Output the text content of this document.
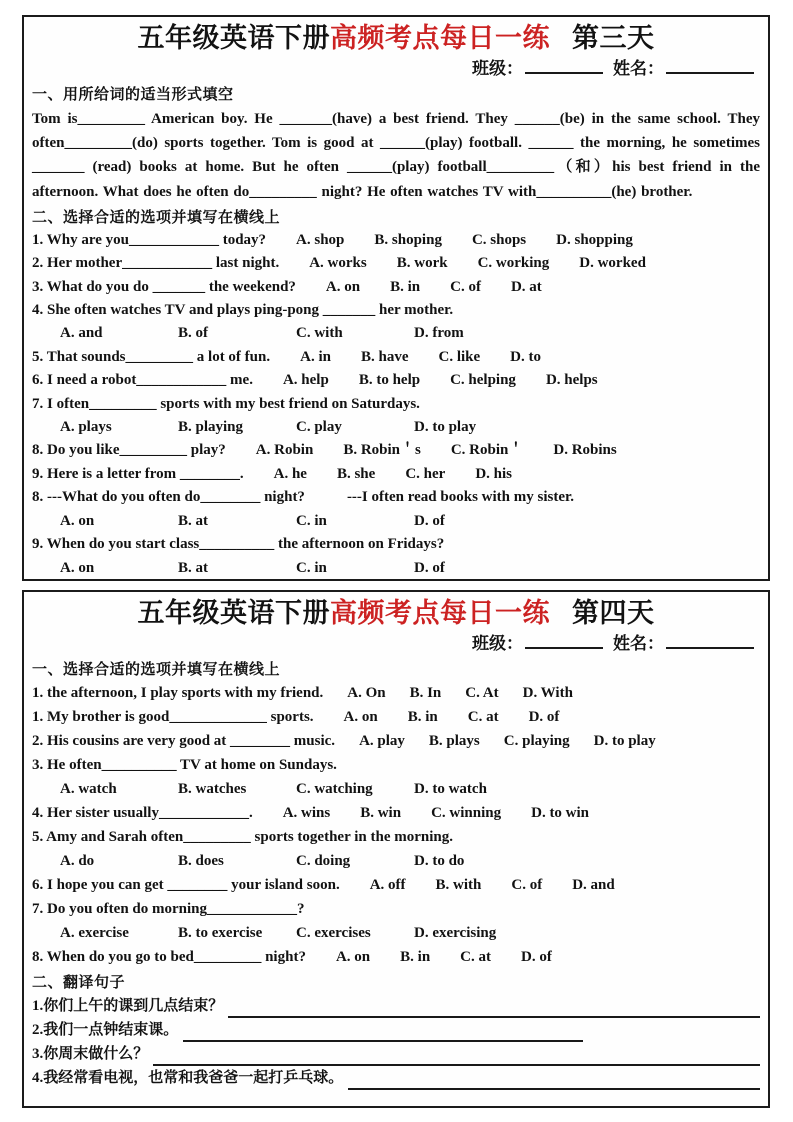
五年级英语下册高频考点每日一练 第三天
班级：	姓名：
一、用所给词的适当形式填空

Tom is_________ American boy. He _______(have) a best friend. They ______(be) in the same school. They often_________(do) sports together. Tom is good at ______(play) football. ______ the morning, he sometimes _______ (read) books at home. But he often ______(play) football_________（和）his best friend in the afternoon. What does he often do_________ night? He often watches TV with__________(he) brother.

二、选择合适的选项并填写在横线上
1. Why are you____________ today? A. shop B. shoping C. shops D. shopping
2. Her mother____________ last night. A. works B. work C. working D. worked
3. What do you do _______ the weekend? A. on B. in C. of D. at
4. She often watches TV and plays ping-pong _______ her mother.
A. and	B. of	C. with	D. from
5. That sounds_________ a lot of fun. A. in B. have C. like D. to
6. I need a robot____________ me. A. help B. to help C. helping D. helps
7. I often_________ sports with my best friend on Saturdays.
A. plays	B. playing	C. play	D. to play
8. Do you like_________ play? A. Robin B. Robin＇s C. Robin＇ D. Robins
9. Here is a letter from ________. A. he B. she C. her D. his
8. ---What do you often do________ night?	---I often read books with my sister.
A. on	B. at	C. in	D. of
9. When do you start class__________ the afternoon on Fridays?
A. on	B. at	C. in	D. of
五年级英语下册高频考点每日一练 第四天
班级：	姓名：
一、选择合适的选项并填写在横线上
1. the afternoon, I play sports with my friend. A. On B. In C. At D. With
1. My brother is good_____________ sports. A. on B. in C. at D. of
2. His cousins are very good at ________ music. A. play B. plays C. playing D. to play
3. He often__________ TV at home on Sundays.
A. watch	B. watches	C. watching	D. to watch
4. Her sister usually____________. A. wins B. win C. winning D. to win
5. Amy and Sarah often_________ sports together in the morning.
A. do	B. does	C. doing	D. to do
6. I hope you can get ________ your island soon. A. off B. with C. of D. and
7. Do you often do morning____________?
A. exercise	B. to exercise C. exercises	D. exercising
8. When do you go to bed_________ night? A. on B. in C. at D. of
二、翻译句子
1.你们上午的课到几点结束？
2.我们一点钟结束课。
3.你周末做什么？
4.我经常看电视，也常和我爸爸一起打乒乓球。
